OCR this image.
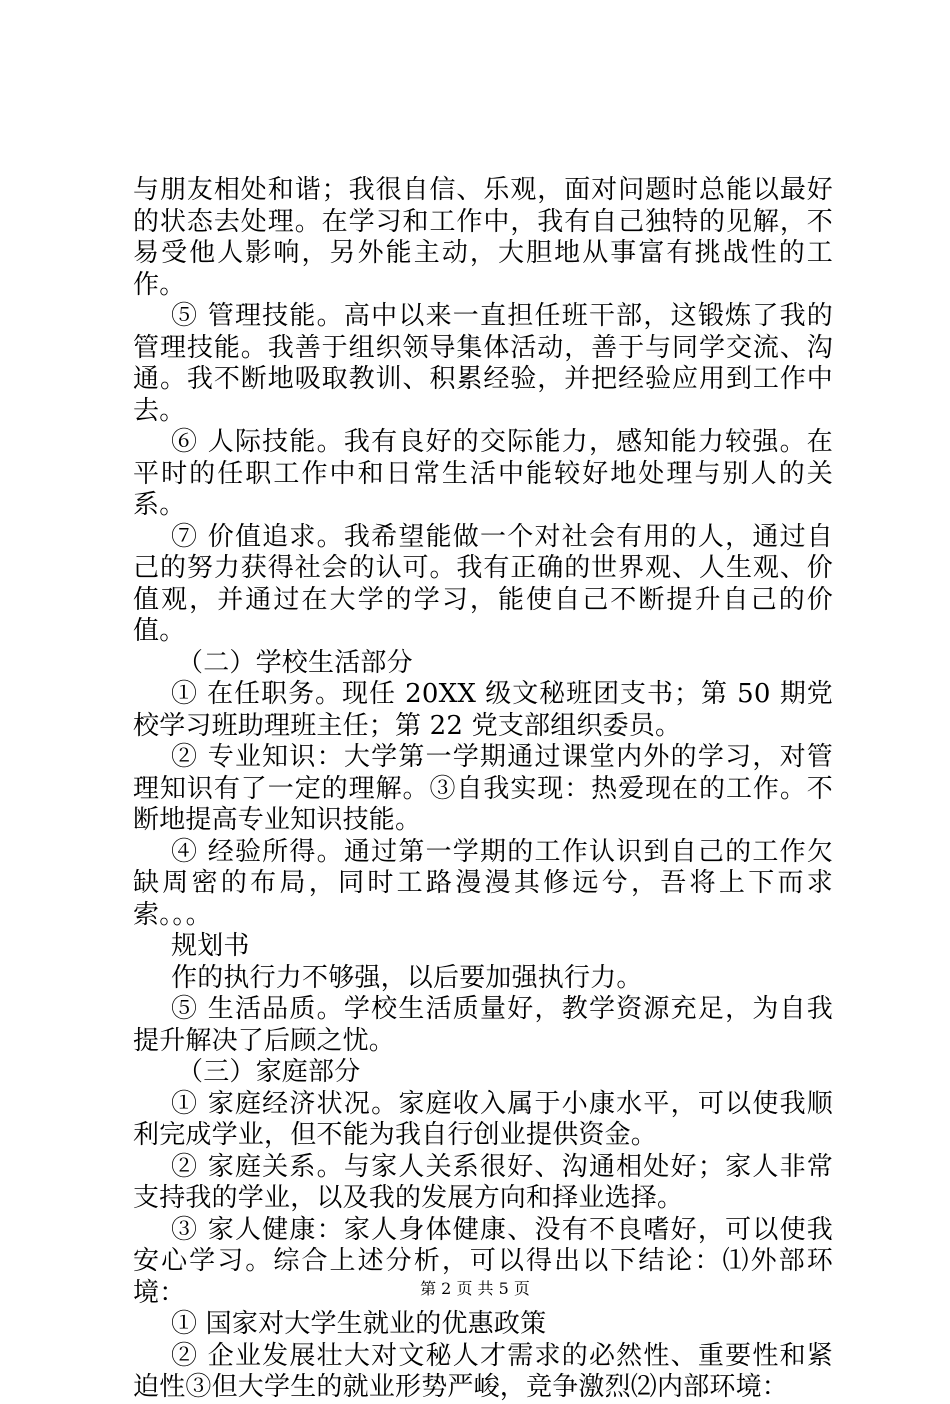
与朋友相处和谐；我很自信、乐观，面对问题时总能以最好的状态去处理。在学习和工作中，我有自己独特的见解，不易受他人影响，另外能主动，大胆地从事富有挑战性的工作。

⑤ 管理技能。高中以来一直担任班干部，这锻炼了我的管理技能。我善于组织领导集体活动，善于与同学交流、沟通。我不断地吸取教训、积累经验，并把经验应用到工作中去。

⑥ 人际技能。我有良好的交际能力，感知能力较强。在平时的任职工作中和日常生活中能较好地处理与别人的关系。

⑦ 价值追求。我希望能做一个对社会有用的人，通过自己的努力获得社会的认可。我有正确的世界观、人生观、价值观，并通过在大学的学习，能使自己不断提升自己的价值。

（二）学校生活部分

① 在任职务。现任 20XX 级文秘班团支书；第 50 期党校学习班助理班主任；第 22 党支部组织委员。

② 专业知识：大学第一学期通过课堂内外的学习，对管理知识有了一定的理解。③自我实现：热爱现在的工作。不断地提高专业知识技能。

④ 经验所得。通过第一学期的工作认识到自己的工作欠缺周密的布局，同时工路漫漫其修远兮，吾将上下而求索。。。

规划书

作的执行力不够强，以后要加强执行力。

⑤ 生活品质。学校生活质量好，教学资源充足，为自我提升解决了后顾之忧。

（三）家庭部分

① 家庭经济状况。家庭收入属于小康水平，可以使我顺利完成学业，但不能为我自行创业提供资金。

② 家庭关系。与家人关系很好、沟通相处好；家人非常支持我的学业，以及我的发展方向和择业选择。

③ 家人健康：家人身体健康、没有不良嗜好，可以使我安心学习。综合上述分析，可以得出以下结论：⑴外部环境：

① 国家对大学生就业的优惠政策

② 企业发展壮大对文秘人才需求的必然性、重要性和紧迫性③但大学生的就业形势严峻，竞争激烈⑵内部环境：

第 2 页 共 5 页
